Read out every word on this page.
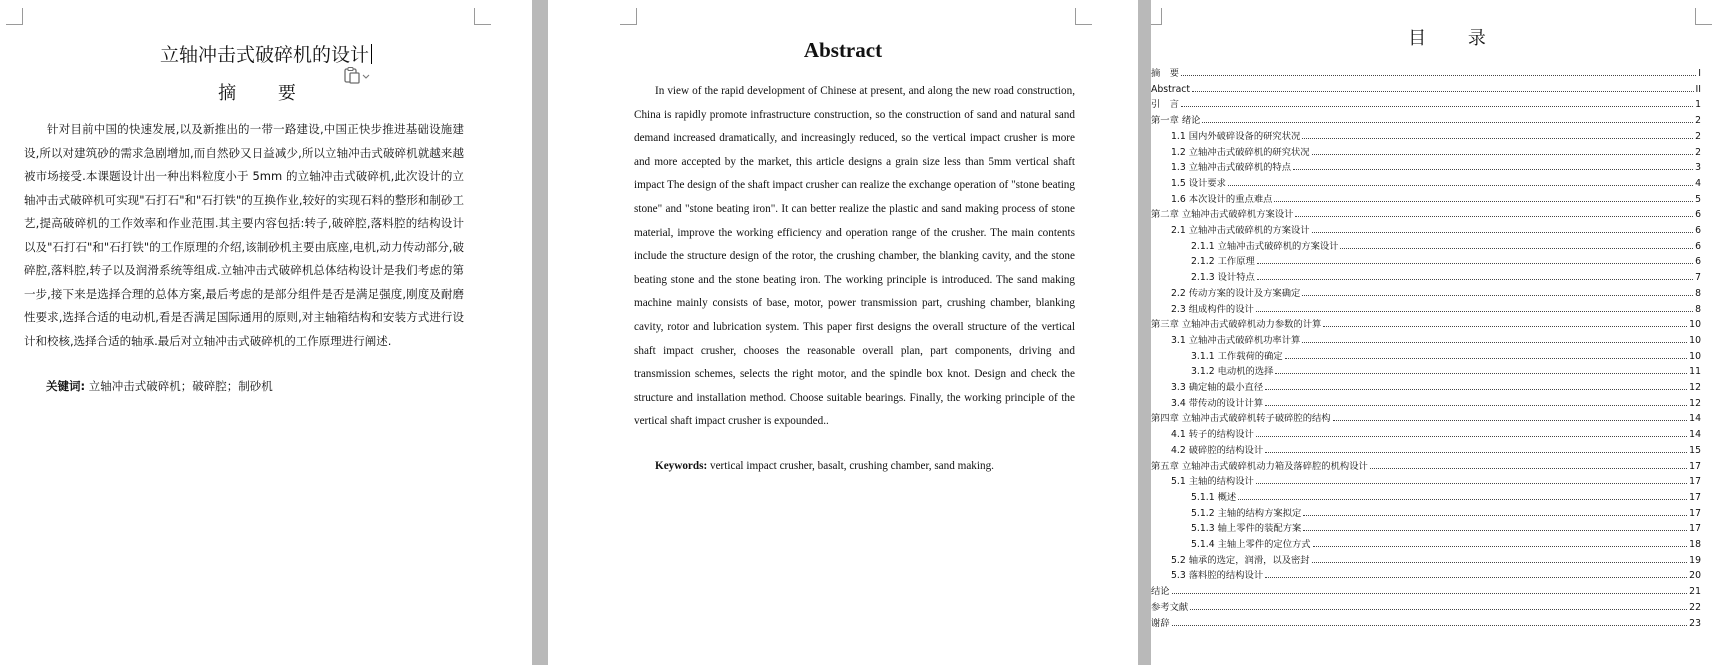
立轴冲击式破碎机的设计
摘 要
针对目前中国的快速发展,以及新推出的一带一路建设,中国正快步推进基础设施建设,所以对建筑砂的需求急剧增加,而自然砂又日益减少,所以立轴冲击式破碎机就越来越被市场接受.本课题设计出一种出料粒度小于 5mm 的立轴冲击式破碎机,此次设计的立轴冲击式破碎机可实现"石打石"和"石打铁"的互换作业,较好的实现石料的整形和制砂工艺,提高破碎机的工作效率和作业范围.其主要内容包括:转子,破碎腔,落料腔的结构设计以及"石打石"和"石打铁"的工作原理的介绍,该制砂机主要由底座,电机,动力传动部分,破碎腔,落料腔,转子以及润滑系统等组成.立轴冲击式破碎机总体结构设计是我们考虑的第一步,接下来是选择合理的总体方案,最后考虑的是部分组件是否是满足强度,刚度及耐磨性要求,选择合适的电动机,看是否满足国际通用的原则,对主轴箱结构和安装方式进行设计和校核,选择合适的轴承.最后对立轴冲击式破碎机的工作原理进行阐述.
关键词: 立轴冲击式破碎机；破碎腔；制砂机
Abstract
In view of the rapid development of Chinese at present, and along the new road construction, China is rapidly promote infrastructure construction, so the construction of sand and natural sand demand increased dramatically, and increasingly reduced, so the vertical impact crusher is more and more accepted by the market, this article designs a grain size less than 5mm vertical shaft impact The design of the shaft impact crusher can realize the exchange operation of "stone beating stone" and "stone beating iron". It can better realize the plastic and sand making process of stone material, improve the working efficiency and operation range of the crusher. The main contents include the structure design of the rotor, the crushing chamber, the blanking cavity, and the stone beating stone and the stone beating iron. The working principle is introduced. The sand making machine mainly consists of base, motor, power transmission part, crushing chamber, blanking cavity, rotor and lubrication system. This paper first designs the overall structure of the vertical shaft impact crusher, chooses the reasonable overall plan, part components, driving and transmission schemes, selects the right motor, and the spindle box knot. Design and check the structure and installation method. Choose suitable bearings. Finally, the working principle of the vertical shaft impact crusher is expounded..
Keywords: vertical impact crusher, basalt, crushing chamber, sand making.
目 录
摘　要	I
Abstract	II
引　言	1
第一章 绪论	2
1.1 国内外破碎设备的研究状况	2
1.2 立轴冲击式破碎机的研究状况	2
1.3 立轴冲击式破碎机的特点	3
1.5 设计要求	4
1.6 本次设计的重点难点	5
第二章 立轴冲击式破碎机方案设计	6
2.1 立轴冲击式破碎机的方案设计	6
2.1.1 立轴冲击式破碎机的方案设计	6
2.1.2 工作原理	6
2.1.3 设计特点	7
2.2 传动方案的设计及方案确定	8
2.3 组成构件的设计	8
第三章 立轴冲击式破碎机动力参数的计算	10
3.1 立轴冲击式破碎机功率计算	10
3.1.1 工作载荷的确定	10
3.1.2 电动机的选择	11
3.3 确定轴的最小直径	12
3.4 带传动的设计计算	12
第四章 立轴冲击式破碎机转子破碎腔的结构	14
4.1 转子的结构设计	14
4.2 破碎腔的结构设计	15
第五章 立轴冲击式破碎机动力箱及落碎腔的机构设计	17
5.1 主轴的结构设计	17
5.1.1 概述	17
5.1.2 主轴的结构方案拟定	17
5.1.3 轴上零件的装配方案	17
5.1.4 主轴上零件的定位方式	18
5.2 轴承的选定，润滑，以及密封	19
5.3 落料腔的结构设计	20
结论	21
参考文献	22
谢辞	23
